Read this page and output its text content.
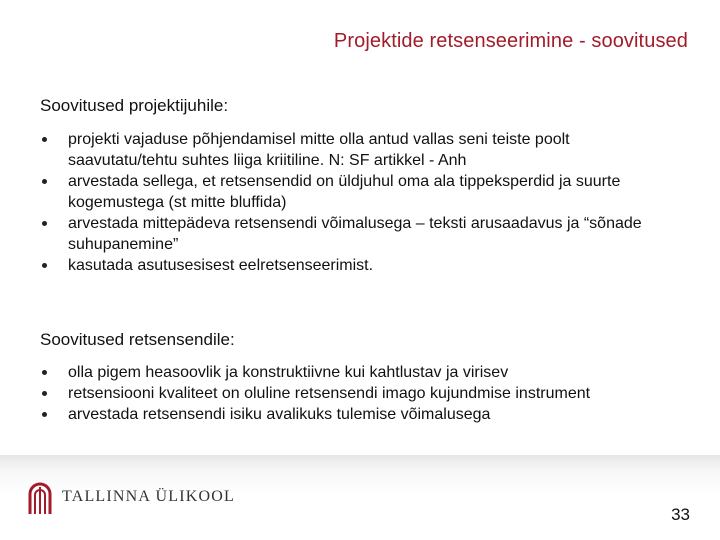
Projektide retsenseerimine - soovitused
Soovitused projektijuhile:
projekti vajaduse põhjendamisel mitte olla antud vallas seni teiste poolt saavutatu/tehtu suhtes liiga kriitiline. N: SF artikkel - Anh
arvestada sellega, et retsensendid on üldjuhul oma ala tippeksperdid ja suurte kogemustega (st mitte bluffida)
arvestada mittepädeva retsensendi võimalusega – teksti arusaadavus ja “sõnade suhupanemine”
kasutada asutusesisest eelretsenseerimist.
Soovitused retsensendile:
olla pigem heasoovlik ja konstruktiivne kui kahtlustav ja virisev
retsensiooni kvaliteet on oluline retsensendi imago kujundmise instrument
arvestada retsensendi isiku avalikuks tulemise võimalusega
TALLINNA ÜLIKOOL
33
